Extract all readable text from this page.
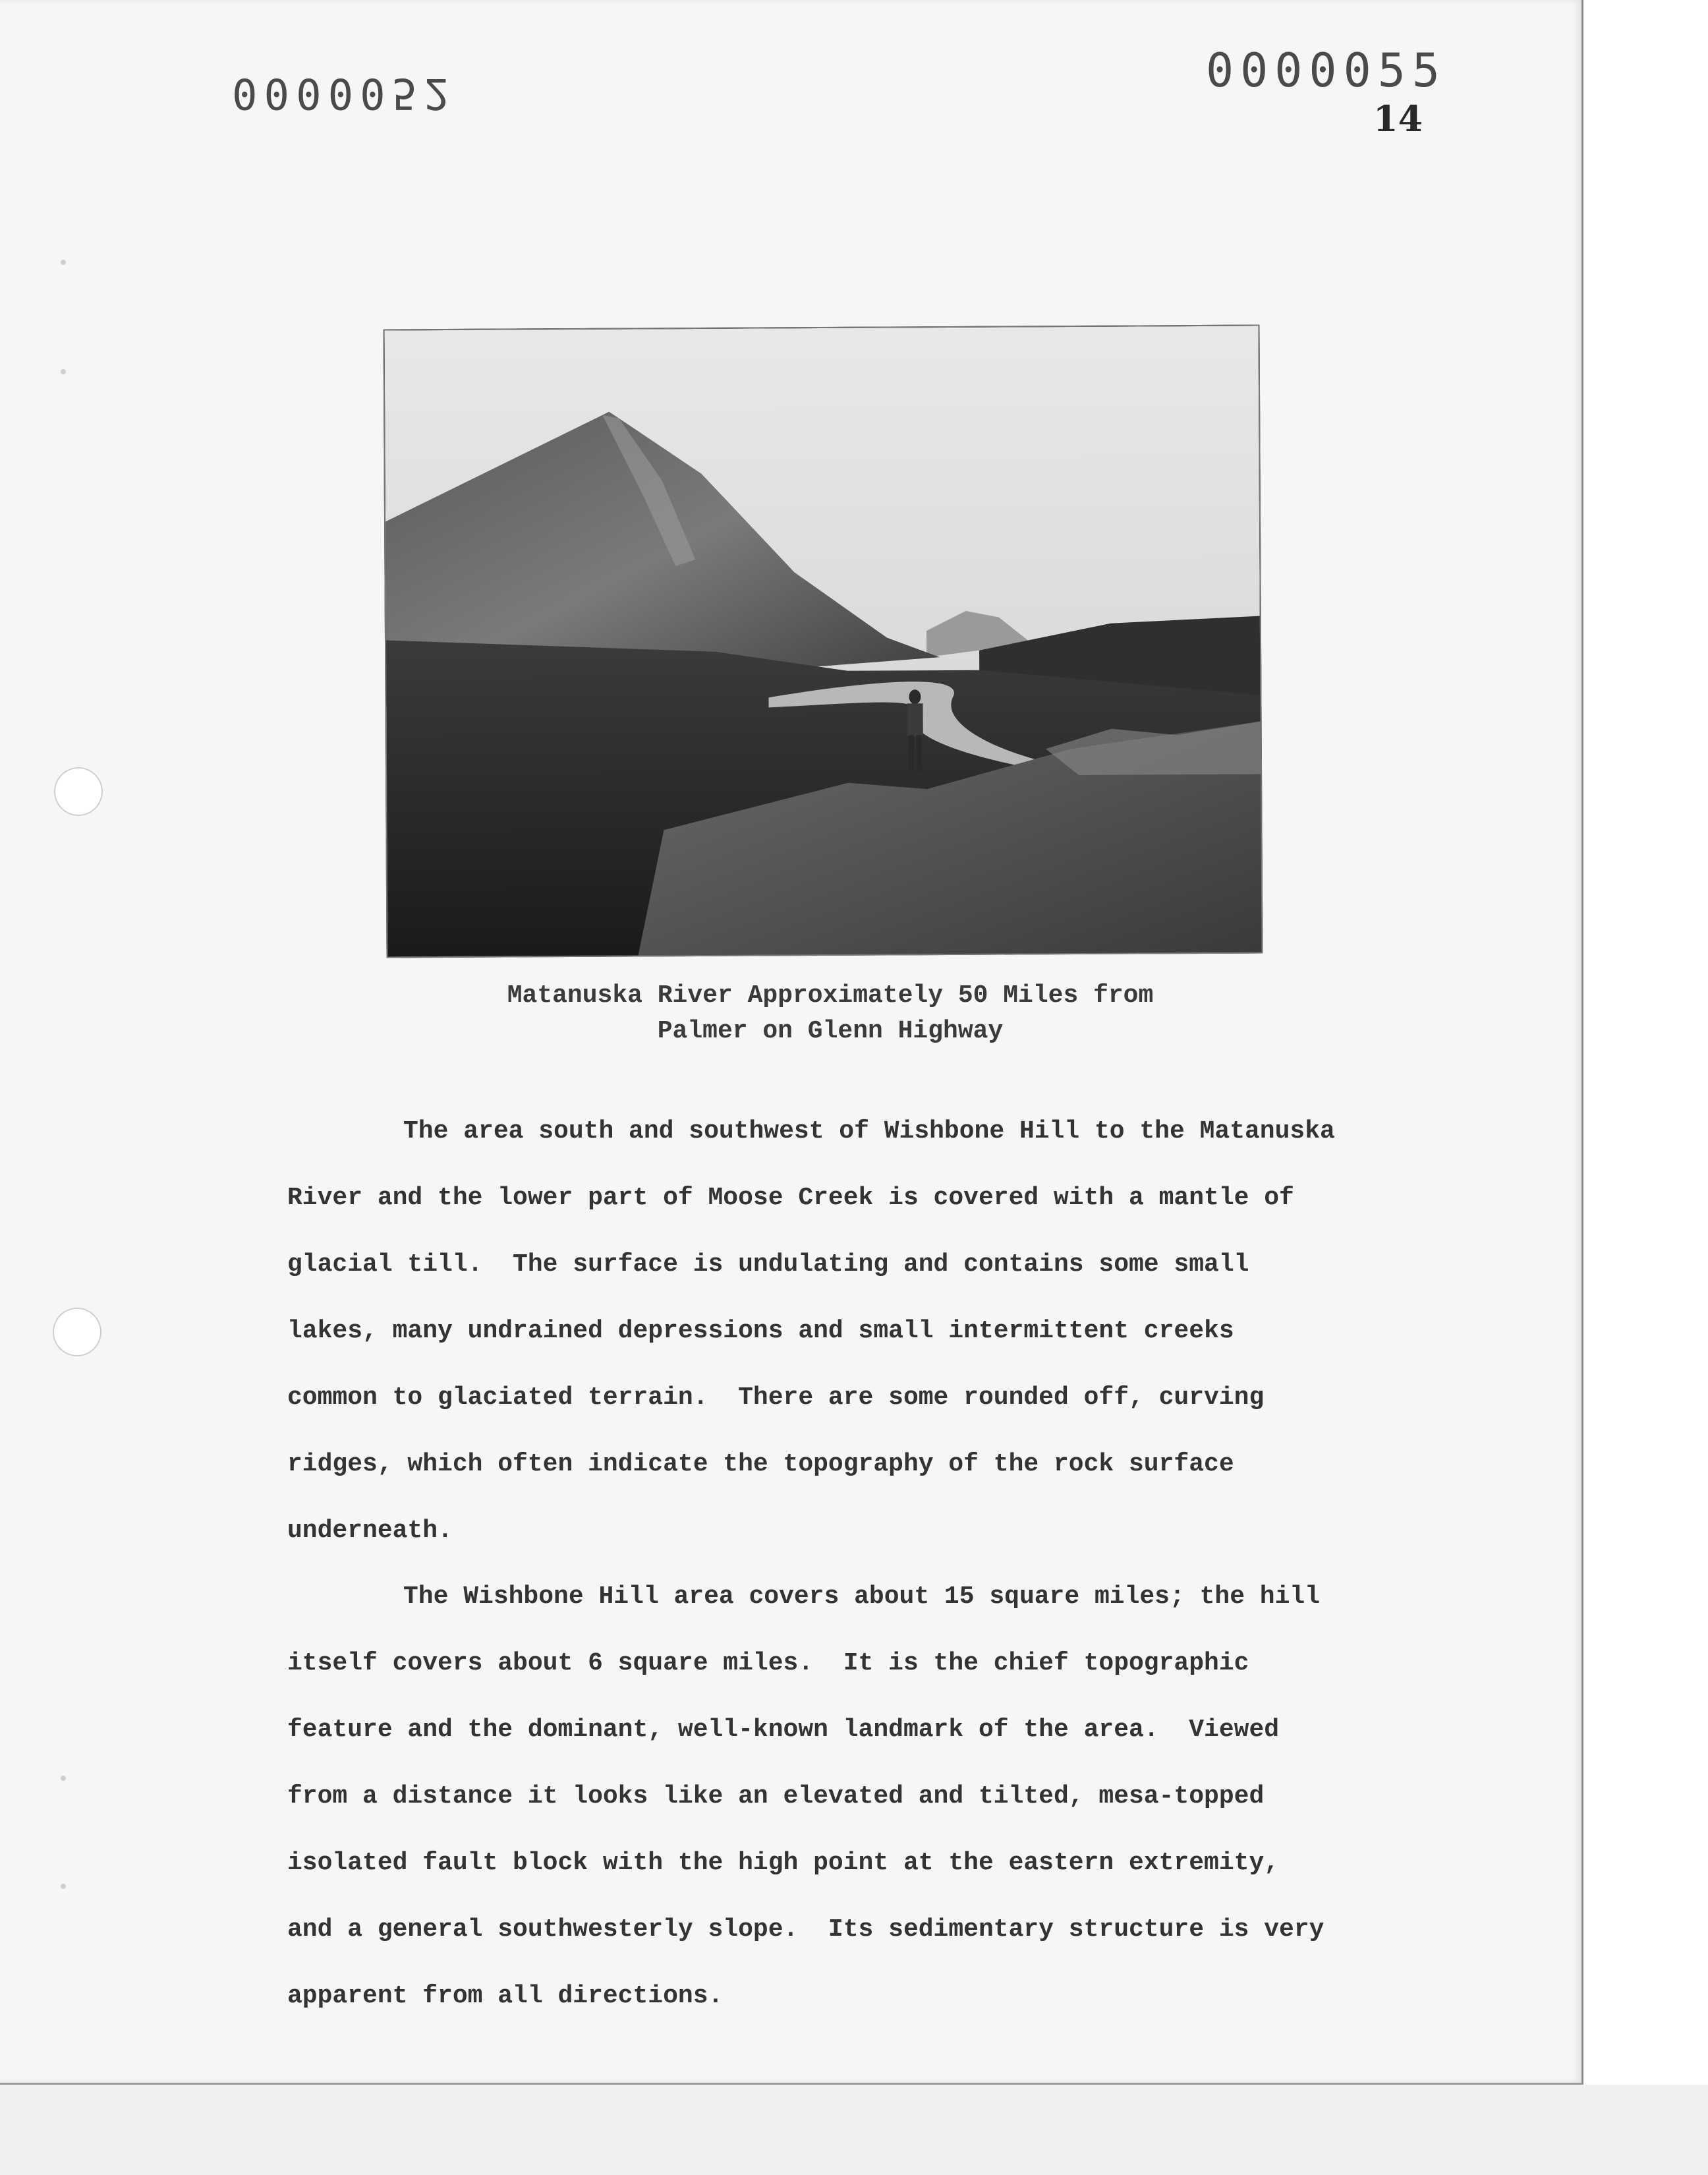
0000052	0000055
14
Matanuska River Approximately 50 Miles from
Palmer on Glenn Highway
The area south and southwest of Wishbone Hill to the Matanuska
River and the lower part of Moose Creek is covered with a mantle of
glacial till.  The surface is undulating and contains some small
lakes, many undrained depressions and small intermittent creeks
common to glaciated terrain.  There are some rounded off, curving
ridges, which often indicate the topography of the rock surface
underneath.
The Wishbone Hill area covers about 15 square miles; the hill
itself covers about 6 square miles.  It is the chief topographic
feature and the dominant, well-known landmark of the area.  Viewed
from a distance it looks like an elevated and tilted, mesa-topped
isolated fault block with the high point at the eastern extremity,
and a general southwesterly slope.  Its sedimentary structure is very
apparent from all directions.
